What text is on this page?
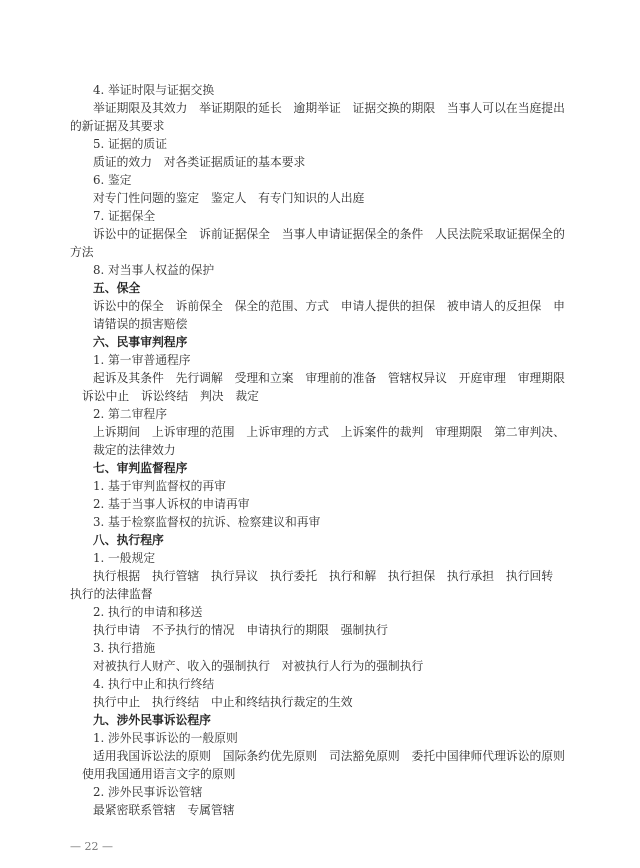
4. 举证时限与证据交换
举证期限及其效力　举证期限的延长　逾期举证　证据交换的期限　当事人可以在当庭提出
的新证据及其要求
5. 证据的质证
质证的效力　对各类证据质证的基本要求
6. 鉴定
对专门性问题的鉴定　鉴定人　有专门知识的人出庭
7. 证据保全
诉讼中的证据保全　诉前证据保全　当事人申请证据保全的条件　人民法院采取证据保全的
方法
8. 对当事人权益的保护
五、保全
诉讼中的保全　诉前保全　保全的范围、方式　申请人提供的担保　被申请人的反担保　申
请错误的损害赔偿
六、民事审判程序
1. 第一审普通程序
起诉及其条件　先行调解　受理和立案　审理前的准备　管辖权异议　开庭审理　审理期限
诉讼中止　诉讼终结　判决　裁定
2. 第二审程序
上诉期间　上诉审理的范围　上诉审理的方式　上诉案件的裁判　审理期限　第二审判决、
裁定的法律效力
七、审判监督程序
1. 基于审判监督权的再审
2. 基于当事人诉权的申请再审
3. 基于检察监督权的抗诉、检察建议和再审
八、执行程序
1. 一般规定
执行根据　执行管辖　执行异议　执行委托　执行和解　执行担保　执行承担　执行回转
执行的法律监督
2. 执行的申请和移送
执行申请　不予执行的情况　申请执行的期限　强制执行
3. 执行措施
对被执行人财产、收入的强制执行　对被执行人行为的强制执行
4. 执行中止和执行终结
执行中止　执行终结　中止和终结执行裁定的生效
九、涉外民事诉讼程序
1. 涉外民事诉讼的一般原则
适用我国诉讼法的原则　国际条约优先原则　司法豁免原则　委托中国律师代理诉讼的原则
使用我国通用语言文字的原则
2. 涉外民事诉讼管辖
最紧密联系管辖　专属管辖
— 22 —
